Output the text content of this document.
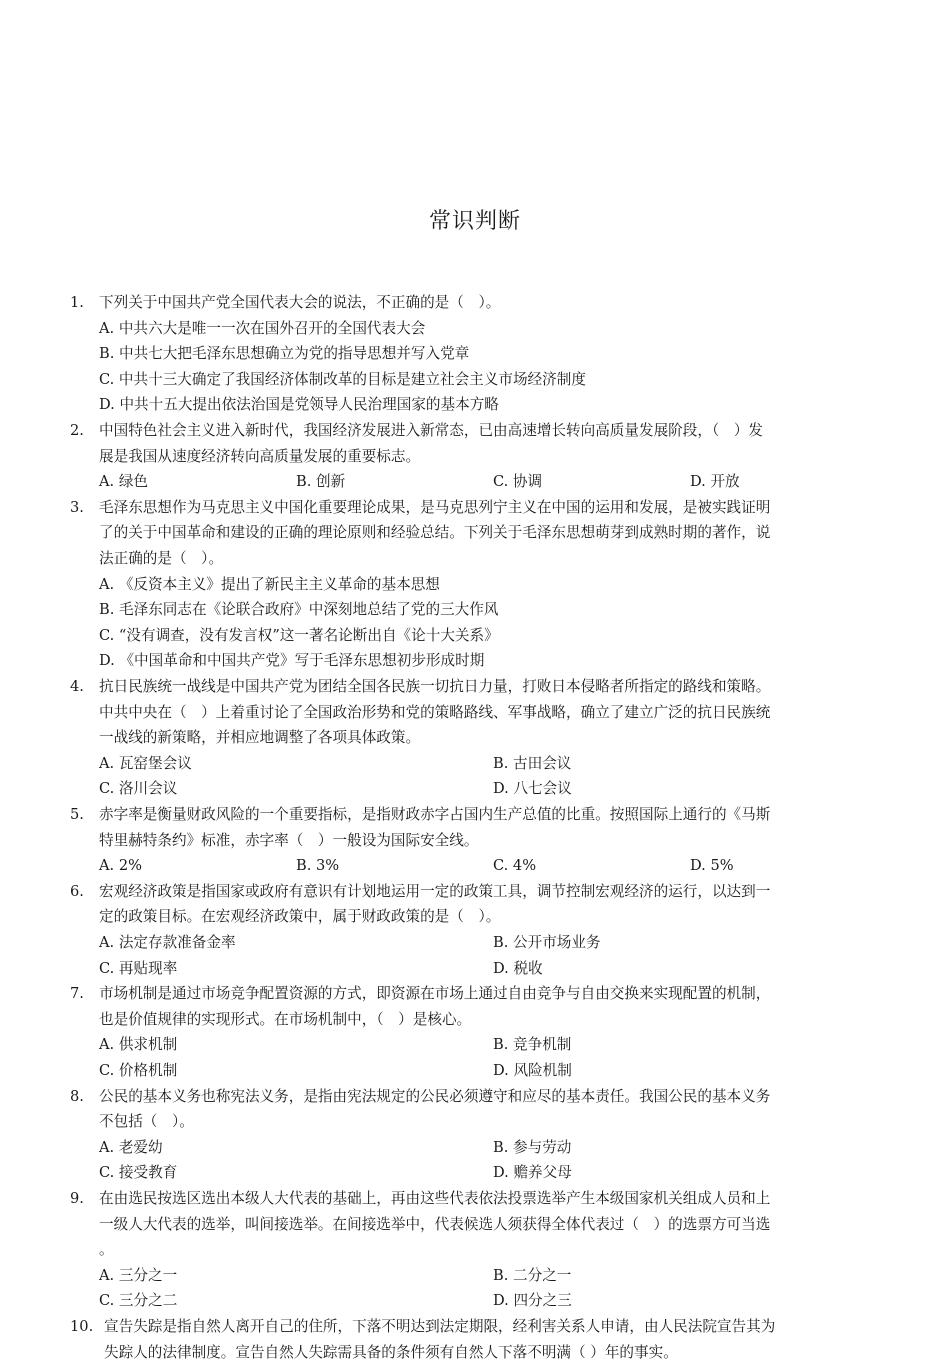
常识判断
1. 下列关于中国共产党全国代表大会的说法，不正确的是（　）。
A. 中共六大是唯一一次在国外召开的全国代表大会
B. 中共七大把毛泽东思想确立为党的指导思想并写入党章
C. 中共十三大确定了我国经济体制改革的目标是建立社会主义市场经济制度
D. 中共十五大提出依法治国是党领导人民治理国家的基本方略
2. 中国特色社会主义进入新时代，我国经济发展进入新常态，已由高速增长转向高质量发展阶段，（　）发
展是我国从速度经济转向高质量发展的重要标志。
A. 绿色	B. 创新	C. 协调	D. 开放
3. 毛泽东思想作为马克思主义中国化重要理论成果，是马克思列宁主义在中国的运用和发展，是被实践证明
了的关于中国革命和建设的正确的理论原则和经验总结。下列关于毛泽东思想萌芽到成熟时期的著作，说
法正确的是（　）。
A. 《反资本主义》提出了新民主主义革命的基本思想
B. 毛泽东同志在《论联合政府》中深刻地总结了党的三大作风
C. “没有调查，没有发言权”这一著名论断出自《论十大关系》
D. 《中国革命和中国共产党》写于毛泽东思想初步形成时期
4. 抗日民族统一战线是中国共产党为团结全国各民族一切抗日力量，打败日本侵略者所指定的路线和策略。
中共中央在（　）上着重讨论了全国政治形势和党的策略路线、军事战略，确立了建立广泛的抗日民族统
一战线的新策略，并相应地调整了各项具体政策。
A. 瓦窑堡会议	B. 古田会议
C. 洛川会议	D. 八七会议
5. 赤字率是衡量财政风险的一个重要指标，是指财政赤字占国内生产总值的比重。按照国际上通行的《马斯
特里赫特条约》标准，赤字率（　）一般设为国际安全线。
A. 2%	B. 3%	C. 4%	D. 5%
6. 宏观经济政策是指国家或政府有意识有计划地运用一定的政策工具，调节控制宏观经济的运行，以达到一
定的政策目标。在宏观经济政策中，属于财政政策的是（　）。
A. 法定存款准备金率	B. 公开市场业务
C. 再贴现率	D. 税收
7. 市场机制是通过市场竞争配置资源的方式，即资源在市场上通过自由竞争与自由交换来实现配置的机制，
也是价值规律的实现形式。在市场机制中，（　）是核心。
A. 供求机制	B. 竞争机制
C. 价格机制	D. 风险机制
8. 公民的基本义务也称宪法义务，是指由宪法规定的公民必须遵守和应尽的基本责任。我国公民的基本义务
不包括（　）。
A. 老爱幼	B. 参与劳动
C. 接受教育	D. 赡养父母
9. 在由选民按选区选出本级人大代表的基础上，再由这些代表依法投票选举产生本级国家机关组成人员和上
一级人大代表的选举，叫间接选举。在间接选举中，代表候选人须获得全体代表过（　）的选票方可当选
。
A. 三分之一	B. 二分之一
C. 三分之二	D. 四分之三
10. 宣告失踪是指自然人离开自己的住所，下落不明达到法定期限，经利害关系人申请，由人民法院宣告其为
失踪人的法律制度。宣告自然人失踪需具备的条件须有自然人下落不明满（ ）年的事实。
